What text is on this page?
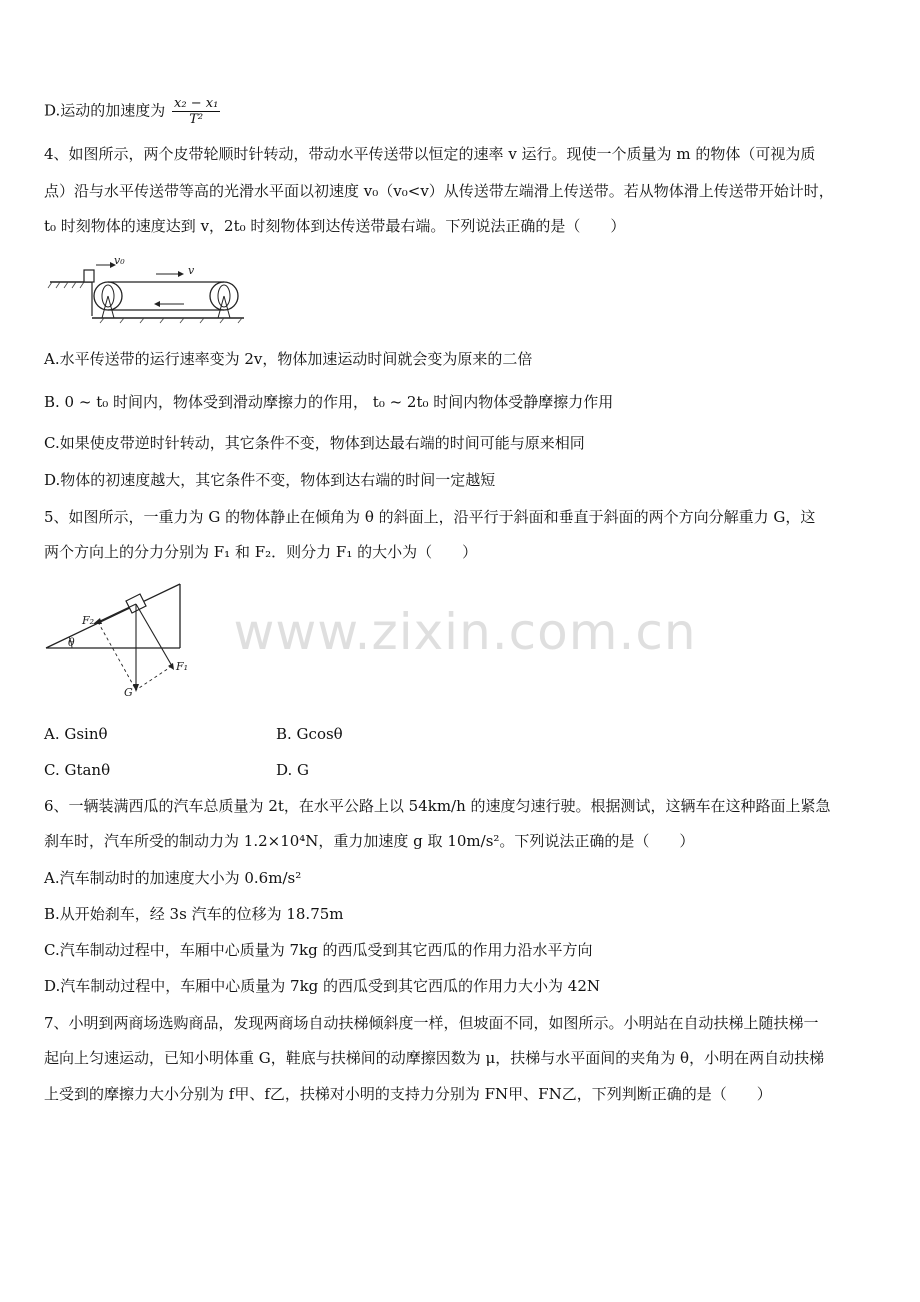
D.运动的加速度为 $\frac{\text{x₂ − x₁}}{\text{T²}}$
4、如图所示，两个皮带轮顺时针转动，带动水平传送带以恒定的速率 v 运行。现使一个质量为 m 的物体（可视为质
点）沿与水平传送带等高的光滑水平面以初速度 v₀（v₀<v）从传送带左端滑上传送带。若从物体滑上传送带开始计时，
t₀ 时刻物体的速度达到 v，2t₀ 时刻物体到达传送带最右端。下列说法正确的是（　　）
v₀
v
A.水平传送带的运行速率变为 2v，物体加速运动时间就会变为原来的二倍
B. 0 ~ t₀ 时间内，物体受到滑动摩擦力的作用， t₀ ~ 2t₀ 时间内物体受静摩擦力作用
C.如果使皮带逆时针转动，其它条件不变，物体到达最右端的时间可能与原来相同
D.物体的初速度越大，其它条件不变，物体到达右端的时间一定越短
5、如图所示，一重力为 G 的物体静止在倾角为 θ 的斜面上，沿平行于斜面和垂直于斜面的两个方向分解重力 G，这
两个方向上的分力分别为 F₁ 和 F₂．则分力 F₁ 的大小为（　　）
θ
G
F₁
F₂	www.zixin.com.cn
A. Gsinθ	B. Gcosθ
C. Gtanθ	D. G
6、一辆装满西瓜的汽车总质量为 2t，在水平公路上以 54km/h 的速度匀速行驶。根据测试，这辆车在这种路面上紧急
刹车时，汽车所受的制动力为 1.2×10⁴N，重力加速度 g 取 10m/s²。下列说法正确的是（　　）
A.汽车制动时的加速度大小为 0.6m/s²
B.从开始刹车，经 3s 汽车的位移为 18.75m
C.汽车制动过程中，车厢中心质量为 7kg 的西瓜受到其它西瓜的作用力沿水平方向
D.汽车制动过程中，车厢中心质量为 7kg 的西瓜受到其它西瓜的作用力大小为 42N
7、小明到两商场选购商品，发现两商场自动扶梯倾斜度一样，但坡面不同，如图所示。小明站在自动扶梯上随扶梯一
起向上匀速运动，已知小明体重 G，鞋底与扶梯间的动摩擦因数为 μ，扶梯与水平面间的夹角为 θ，小明在两自动扶梯
上受到的摩擦力大小分别为 f甲、f乙，扶梯对小明的支持力分别为 FN甲、FN乙，下列判断正确的是（　　）
